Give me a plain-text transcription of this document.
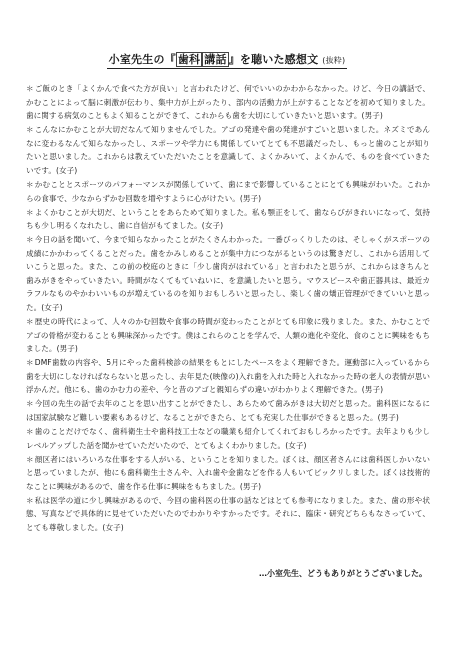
小室先生の『 歯科 講話 』を聴いた感想文 (抜粋)

＊ご飯のとき「よくかんで食べた方が良い」と言われたけど、何でいいのかわからなかった。けど、今日の講話で、かむことによって脳に刺激が伝わり、集中力が上がったり、部内の活動力が上がすることなどを初めて知りました。歯に関する病気のこともよく知ることができて、これからも歯を大切にしていきたいと思います。(男子)

＊こんなにかむことが大切だなんて知りませんでした。アゴの発達や歯の発達がすごいと思いました。ネズミであんなに変わるなんて知らなかったし、スポーツや学力にも関係していてとても不思議だったし、もっと歯のことが知りたいと思いました。これからは教えていただいたことを意識して、よくかみいて、よくかんで、ものを食べていきたいです。(女子)

＊かむこととスポーツのパフォーマンスが関係していて、歯にまで影響していることにとても興味がわいた。これからの食事で、少なからずかむ回数を増やすように心がけたい。(男子)

＊よくかむことが大切だ、ということをあらためて知りました。私も顎正をして、歯ならびがきれいになって、気持ちも少し明るくなれたし、歯に自信がもてました。(女子)

＊今日の話を聞いて、今まで知らなかったことがたくさんわかった。一番びっくりしたのは、そしゃくがスポーツの成績にかかわってくることだった。歯をかみしめることが集中力につながるというのは驚きだし、これから活用していこうと思った。また、この前の校庭のときに「少し歯肉がはれている」と言われたと思うが、これからはきちんと歯みがきをやっていきたい。時間がなくてもていねいに、を意識したいと思う。マウスピースや歯正器具は、最近カラフルなものやかわいいものが増えているのを知りおもしろいと思ったし、楽しく歯の矯正管理ができていいと思った。(女子)

＊歴史の時代によって、人々のかむ回数や食事の時間が変わったことがとても印象に残りました。また、かむことでアゴの骨格が変わることも興味深かったです。僕はこれらのことを学んで、人類の進化や変化、食のことに興味をもちました。(男子)

＊DMF歯数の内容や、5月にやった歯科検診の結果をもとにしたペースをよく理解できた。運動部に入っているから歯を大切にしなければならないと思ったし、去年見た(映像の)入れ歯を入れた時と入れなかった時の老人の表情が思い浮かんだ。他にも、歯のかむ力の差や、今と昔のアゴと親知らずの違いがわかりよく理解できた。(男子)

＊今回の先生の話で去年のことを思い出すことができたし、あらためて歯みがきは大切だと思った。歯科医になるには国家試験など難しい要素もあるけど、なることができたら、とても充実した仕事ができると思った。(男子)

＊歯のことだけでなく、歯科衛生士や歯科技工士などの職業も紹介してくれておもしろかったです。去年よりも少しレベルアップした話を聞かせていただいたので、とてもよくわかりました。(女子)

＊顔区者にはいろいろな仕事をする人がいる、ということを知りました。ぼくは、顔区者さんには歯科医しかいないと思っていましたが、他にも歯科衛生士さんや、入れ歯や金歯などを作る人もいてビックリしました。ぼくは技術的なことに興味があるので、歯を作る仕事に興味をもちました。(男子)

＊私は医学の道に少し興味があるので、今回の歯科医の仕事の話などはとても参考になりました。また、歯の形や状態、写真などで具体的に見せていただいたのでわかりやすかったです。それに、臨床・研究どちらもなさっていて、とても尊敬しました。(女子)

…小室先生、どうもありがとうございました。
